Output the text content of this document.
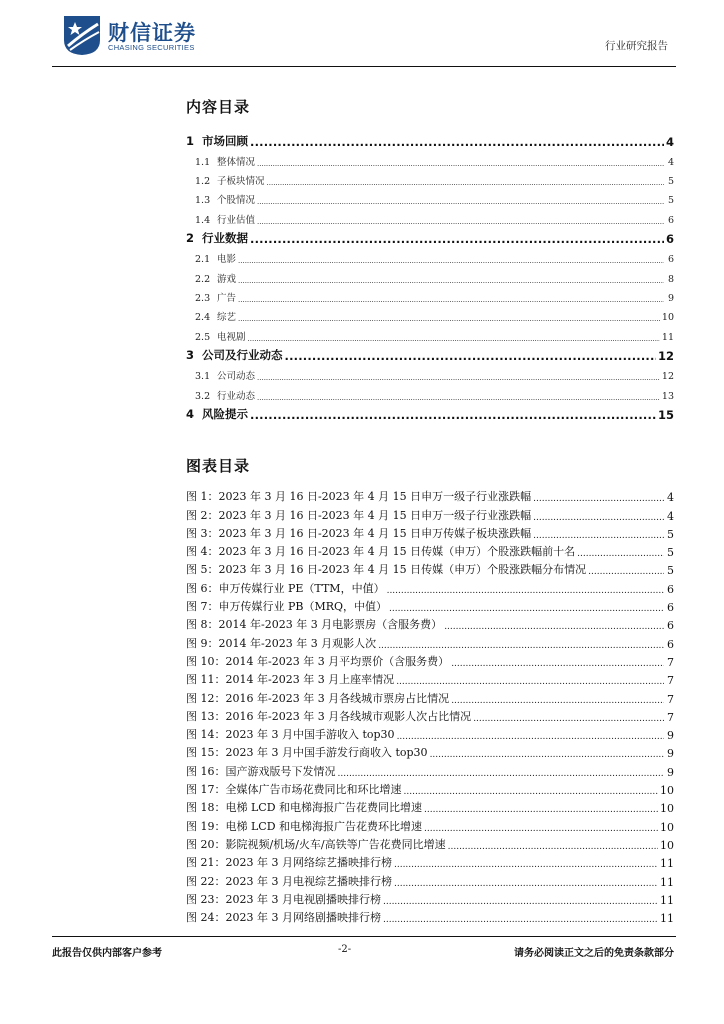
财信证券
CHASING SECURITIES	行业研究报告
内容目录
1 市场回顾 .....	4
1.1 整体情况 .....	4
1.2 子板块情况 .....	5
1.3 个股情况 .....	5
1.4 行业估值 .....	6
2 行业数据 .....	6
2.1 电影 .....	6
2.2 游戏 .....	8
2.3 广告 .....	9
2.4 综艺 .....	10
2.5 电视剧 .....	11
3 公司及行业动态 .....	12
3.1 公司动态 .....	12
3.2 行业动态 .....	13
4 风险提示 .....	15
图表目录
图 1：2023 年 3 月 16 日-2023 年 4 月 15 日申万一级子行业涨跌幅 .....	4
图 2：2023 年 3 月 16 日-2023 年 4 月 15 日申万一级子行业涨跌幅 .....	4
图 3：2023 年 3 月 16 日-2023 年 4 月 15 日申万传媒子板块涨跌幅 .....	5
图 4：2023 年 3 月 16 日-2023 年 4 月 15 日传媒（申万）个股涨跌幅前十名 .....	5
图 5：2023 年 3 月 16 日-2023 年 4 月 15 日传媒（申万）个股涨跌幅分布情况 .....	5
图 6：申万传媒行业 PE（TTM，中值） .....	6
图 7：申万传媒行业 PB（MRQ，中值） .....	6
图 8：2014 年-2023 年 3 月电影票房（含服务费） .....	6
图 9：2014 年-2023 年 3 月观影人次 .....	6
图 10：2014 年-2023 年 3 月平均票价（含服务费） .....	7
图 11：2014 年-2023 年 3 月上座率情况 .....	7
图 12：2016 年-2023 年 3 月各线城市票房占比情况 .....	7
图 13：2016 年-2023 年 3 月各线城市观影人次占比情况 .....	7
图 14：2023 年 3 月中国手游收入 top30 .....	9
图 15：2023 年 3 月中国手游发行商收入 top30 .....	9
图 16：国产游戏版号下发情况 .....	9
图 17：全媒体广告市场花费同比和环比增速 .....	10
图 18：电梯 LCD 和电梯海报广告花费同比增速 .....	10
图 19：电梯 LCD 和电梯海报广告花费环比增速 .....	10
图 20：影院视频/机场/火车/高铁等广告花费同比增速 .....	10
图 21：2023 年 3 月网络综艺播映排行榜 .....	11
图 22：2023 年 3 月电视综艺播映排行榜 .....	11
图 23：2023 年 3 月电视剧播映排行榜 .....	11
图 24：2023 年 3 月网络剧播映排行榜 .....	11
此报告仅供内部客户参考	-2-	请务必阅读正文之后的免责条款部分
